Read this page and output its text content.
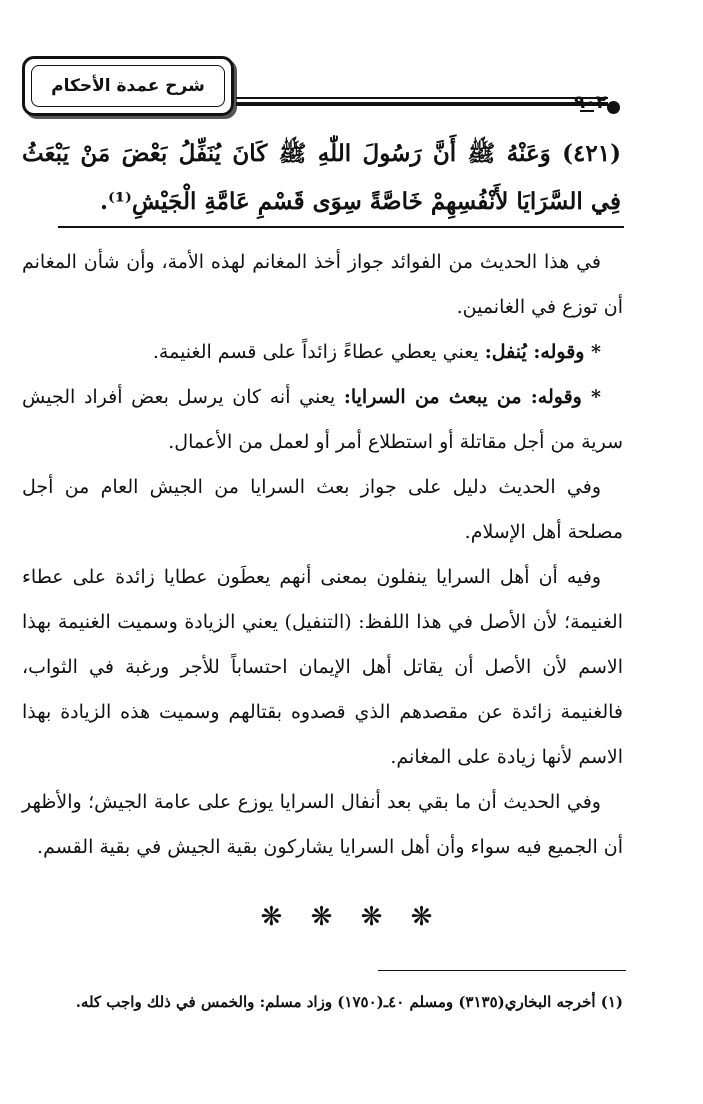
شرح عمدة الأحكام
٩٠٢

(٤٢١) وَعَنْهُ ﷺ أَنَّ رَسُولَ اللّٰهِ ﷺ كَانَ يُنَفِّلُ بَعْضَ مَنْ يَبْعَثُ فِي السَّرَايَا لأَنْفُسِهِمْ خَاصَّةً سِوَى قَسْمِ عَامَّةِ الْجَيْشِ⁽¹⁾.

في هذا الحديث من الفوائد جواز أخذ المغانم لهذه الأمة، وأن شأن المغانم أن توزع في الغانمين.

* وقوله: يُنفل: يعني يعطي عطاءً زائداً على قسم الغنيمة.

* وقوله: من يبعث من السرايا: يعني أنه كان يرسل بعض أفراد الجيش سرية من أجل مقاتلة أو استطلاع أمر أو لعمل من الأعمال.

وفي الحديث دليل على جواز بعث السرايا من الجيش العام من أجل مصلحة أهل الإسلام.

وفيه أن أهل السرايا ينفلون بمعنى أنهم يعطَون عطايا زائدة على عطاء الغنيمة؛ لأن الأصل في هذا اللفظ: (التنفيل) يعني الزيادة وسميت الغنيمة بهذا الاسم لأن الأصل أن يقاتل أهل الإيمان احتساباً للأجر ورغبة في الثواب، فالغنيمة زائدة عن مقصدهم الذي قصدوه بقتالهم وسميت هذه الزيادة بهذا الاسم لأنها زيادة على المغانم.

وفي الحديث أن ما بقي بعد أنفال السرايا يوزع على عامة الجيش؛ والأظهر أن الجميع فيه سواء وأن أهل السرايا يشاركون بقية الجيش في بقية القسم.

❋ ❋ ❋ ❋
(١) أخرجه البخاري(٣١٣٥) ومسلم ٤٠ـ(١٧٥٠) وزاد مسلم: والخمس في ذلك واجب كله.
